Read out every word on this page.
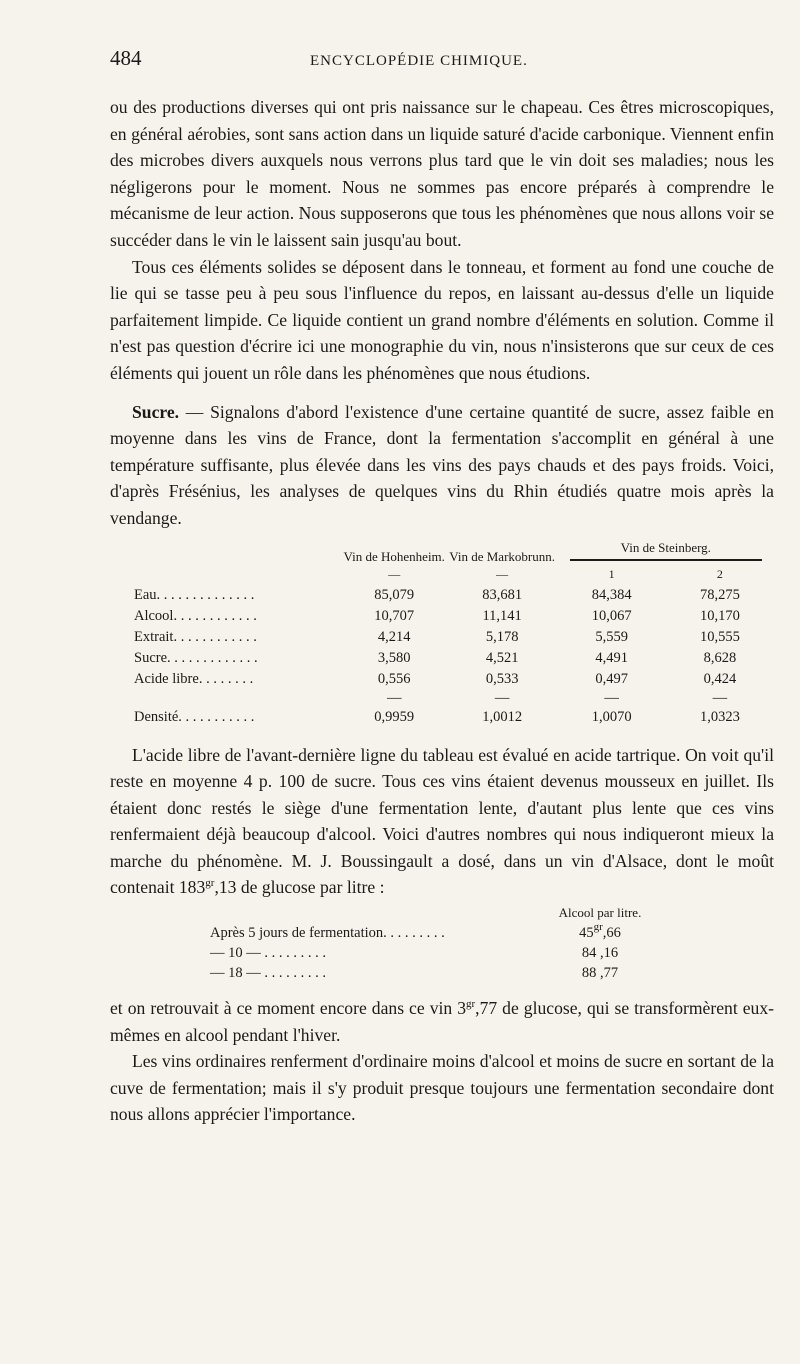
484	ENCYCLOPÉDIE CHIMIQUE.

ou des productions diverses qui ont pris naissance sur le chapeau. Ces êtres microscopiques, en général aérobies, sont sans action dans un liquide saturé d'acide carbonique. Viennent enfin des microbes divers auxquels nous verrons plus tard que le vin doit ses maladies; nous les négligerons pour le moment. Nous ne sommes pas encore préparés à comprendre le mécanisme de leur action. Nous supposerons que tous les phénomènes que nous allons voir se succéder dans le vin le laissent sain jusqu'au bout.

Tous ces éléments solides se déposent dans le tonneau, et forment au fond une couche de lie qui se tasse peu à peu sous l'influence du repos, en laissant au-dessus d'elle un liquide parfaitement limpide. Ce liquide contient un grand nombre d'éléments en solution. Comme il n'est pas question d'écrire ici une monographie du vin, nous n'insisterons que sur ceux de ces éléments qui jouent un rôle dans les phénomènes que nous étudions.

Sucre. — Signalons d'abord l'existence d'une certaine quantité de sucre, assez faible en moyenne dans les vins de France, dont la fermentation s'accomplit en général à une température suffisante, plus élevée dans les vins des pays chauds et des pays froids. Voici, d'après Frésénius, les analyses de quelques vins du Rhin étudiés quatre mois après la vendange.

	Vin de Hohenheim.	Vin de Markobrunn.	Vin de Steinberg.	

	—	—	1	2
Eau. . . . . . . . . . . . . .	85,079	83,681	84,384	78,275
Alcool. . . . . . . . . . . .	10,707	11,141	10,067	10,170
Extrait. . . . . . . . . . . .	4,214	5,178	5,559	10,555
Sucre. . . . . . . . . . . . .	3,580	4,521	4,491	8,628
Acide libre. . . . . . . .	0,556	0,533	0,497	0,424
	—	—	—	—
Densité. . . . . . . . . . .	0,9959	1,0012	1,0070	1,0323

L'acide libre de l'avant-dernière ligne du tableau est évalué en acide tartrique. On voit qu'il reste en moyenne 4 p. 100 de sucre. Tous ces vins étaient devenus mousseux en juillet. Ils étaient donc restés le siège d'une fermentation lente, d'autant plus lente que ces vins renfermaient déjà beaucoup d'alcool. Voici d'autres nombres qui nous indiqueront mieux la marche du phénomène. M. J. Boussingault a dosé, dans un vin d'Alsace, dont le moût contenait $183^{gr},13$ de glucose par litre :

	Alcool par litre.
Après 5 jours de fermentation. . . . . . . . .	$45^{gr},66$
— 10 — . . . . . . . . .	84 ,16
— 18 — . . . . . . . . .	88 ,77

et on retrouvait à ce moment encore dans ce vin $3^{gr},77$ de glucose, qui se transformèrent eux-mêmes en alcool pendant l'hiver.

Les vins ordinaires renferment d'ordinaire moins d'alcool et moins de sucre en sortant de la cuve de fermentation; mais il s'y produit presque toujours une fermentation secondaire dont nous allons apprécier l'importance.
